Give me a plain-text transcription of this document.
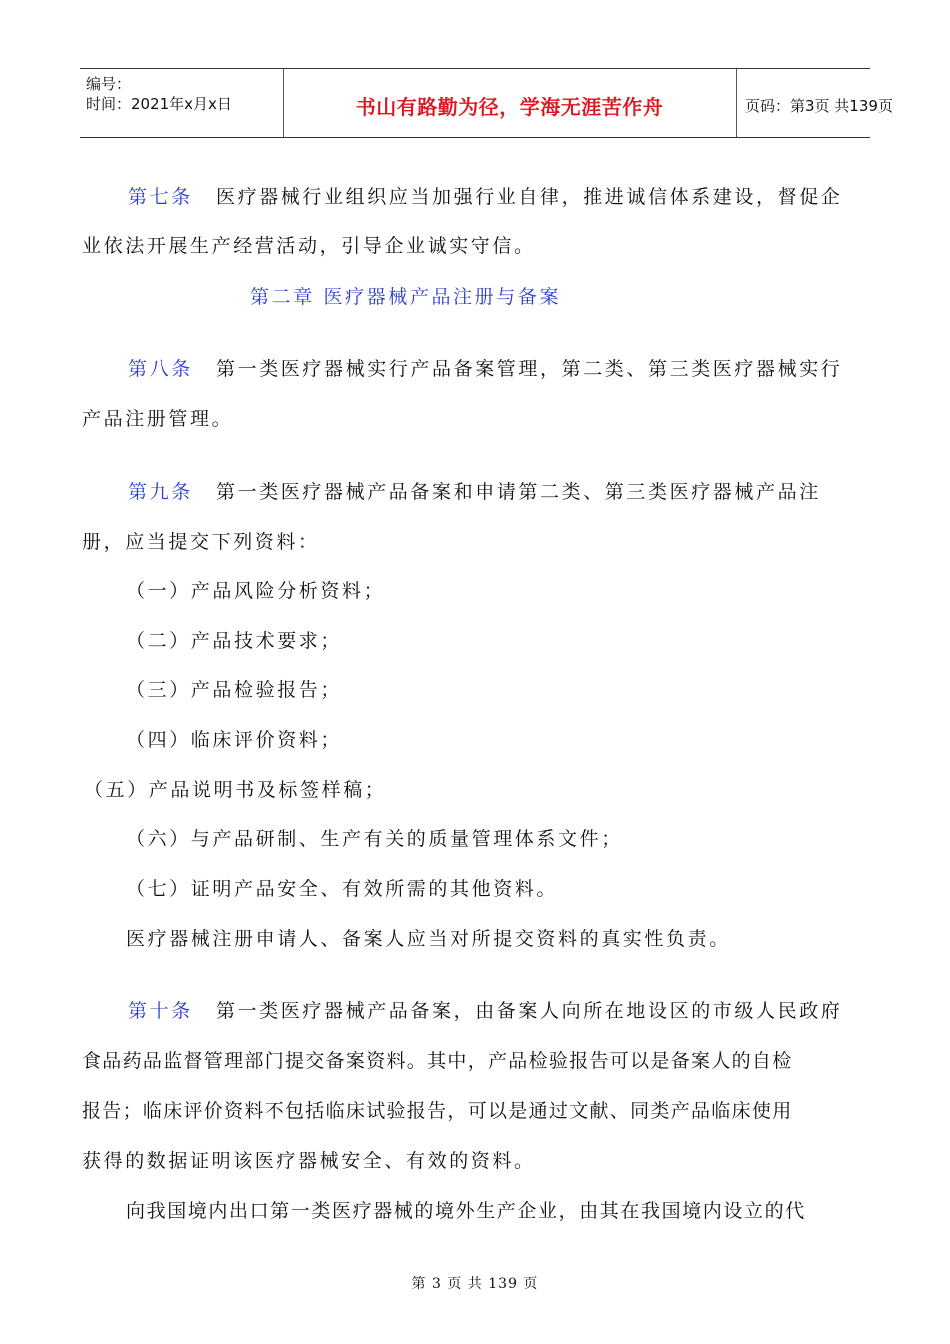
编号：
时间：2021年x月x日	书山有路勤为径，学海无涯苦作舟	页码：第3页 共139页
第七条 医疗器械行业组织应当加强行业自律，推进诚信体系建设，督促企
业依法开展生产经营活动，引导企业诚实守信。
第二章 医疗器械产品注册与备案
第八条 第一类医疗器械实行产品备案管理，第二类、第三类医疗器械实行
产品注册管理。
第九条 第一类医疗器械产品备案和申请第二类、第三类医疗器械产品注
册，应当提交下列资料：
（一）产品风险分析资料；
（二）产品技术要求；
（三）产品检验报告；
（四）临床评价资料；
（五）产品说明书及标签样稿；
（六）与产品研制、生产有关的质量管理体系文件；
（七）证明产品安全、有效所需的其他资料。
医疗器械注册申请人、备案人应当对所提交资料的真实性负责。
第十条 第一类医疗器械产品备案，由备案人向所在地设区的市级人民政府
食品药品监督管理部门提交备案资料。其中，产品检验报告可以是备案人的自检
报告；临床评价资料不包括临床试验报告，可以是通过文献、同类产品临床使用
获得的数据证明该医疗器械安全、有效的资料。
向我国境内出口第一类医疗器械的境外生产企业，由其在我国境内设立的代
第 3 页 共 139 页
